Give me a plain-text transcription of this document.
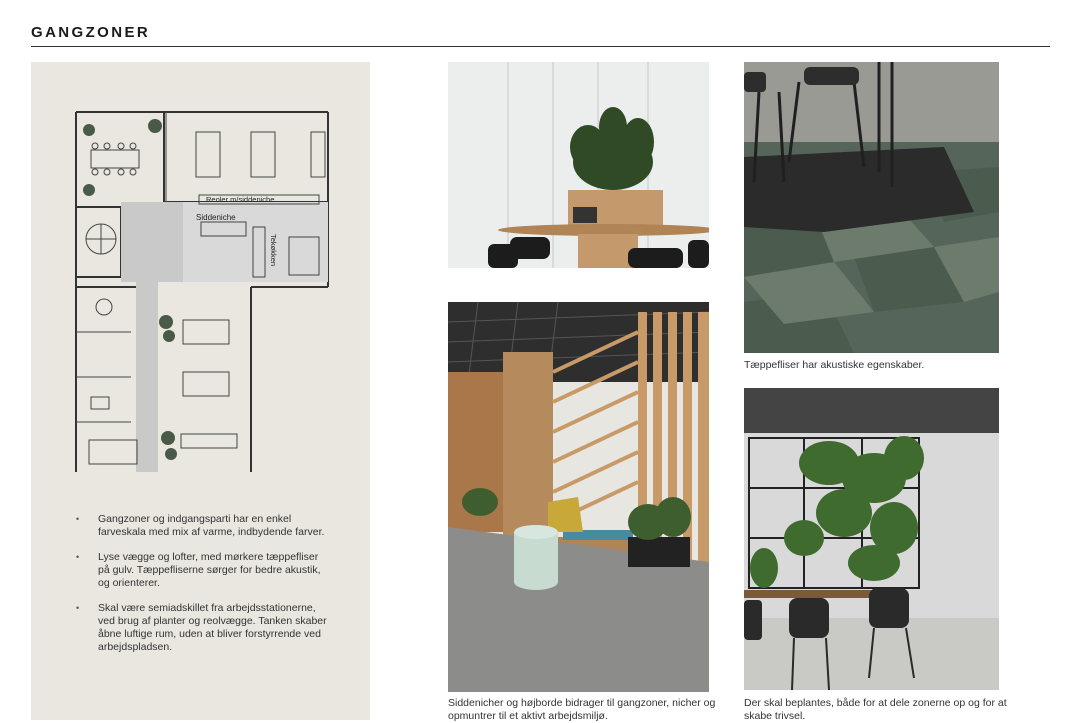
GANGZONER
Reoler m/siddeniche
Siddeniche
Tekøkken
• Gangzoner og indgangsparti har en enkel farveskala med mix af varme, indbydende farver.
• Lyse vægge og lofter, med mørkere tæppefliser på gulv. Tæppefliserne sørger for bedre akustik, og orienterer.
• Skal være semiadskillet fra arbejdsstationerne, ved brug af planter og reolvægge. Tanken skaber åbne luftige rum, uden at bliver forstyrrende ved arbejdspladsen.
Tæppefliser har akustiske egenskaber.
Siddenicher og højborde bidrager til gangzoner, nicher og opmuntrer til et aktivt arbejdsmiljø.
Der skal beplantes, både for at dele zonerne op og for at skabe trivsel.
